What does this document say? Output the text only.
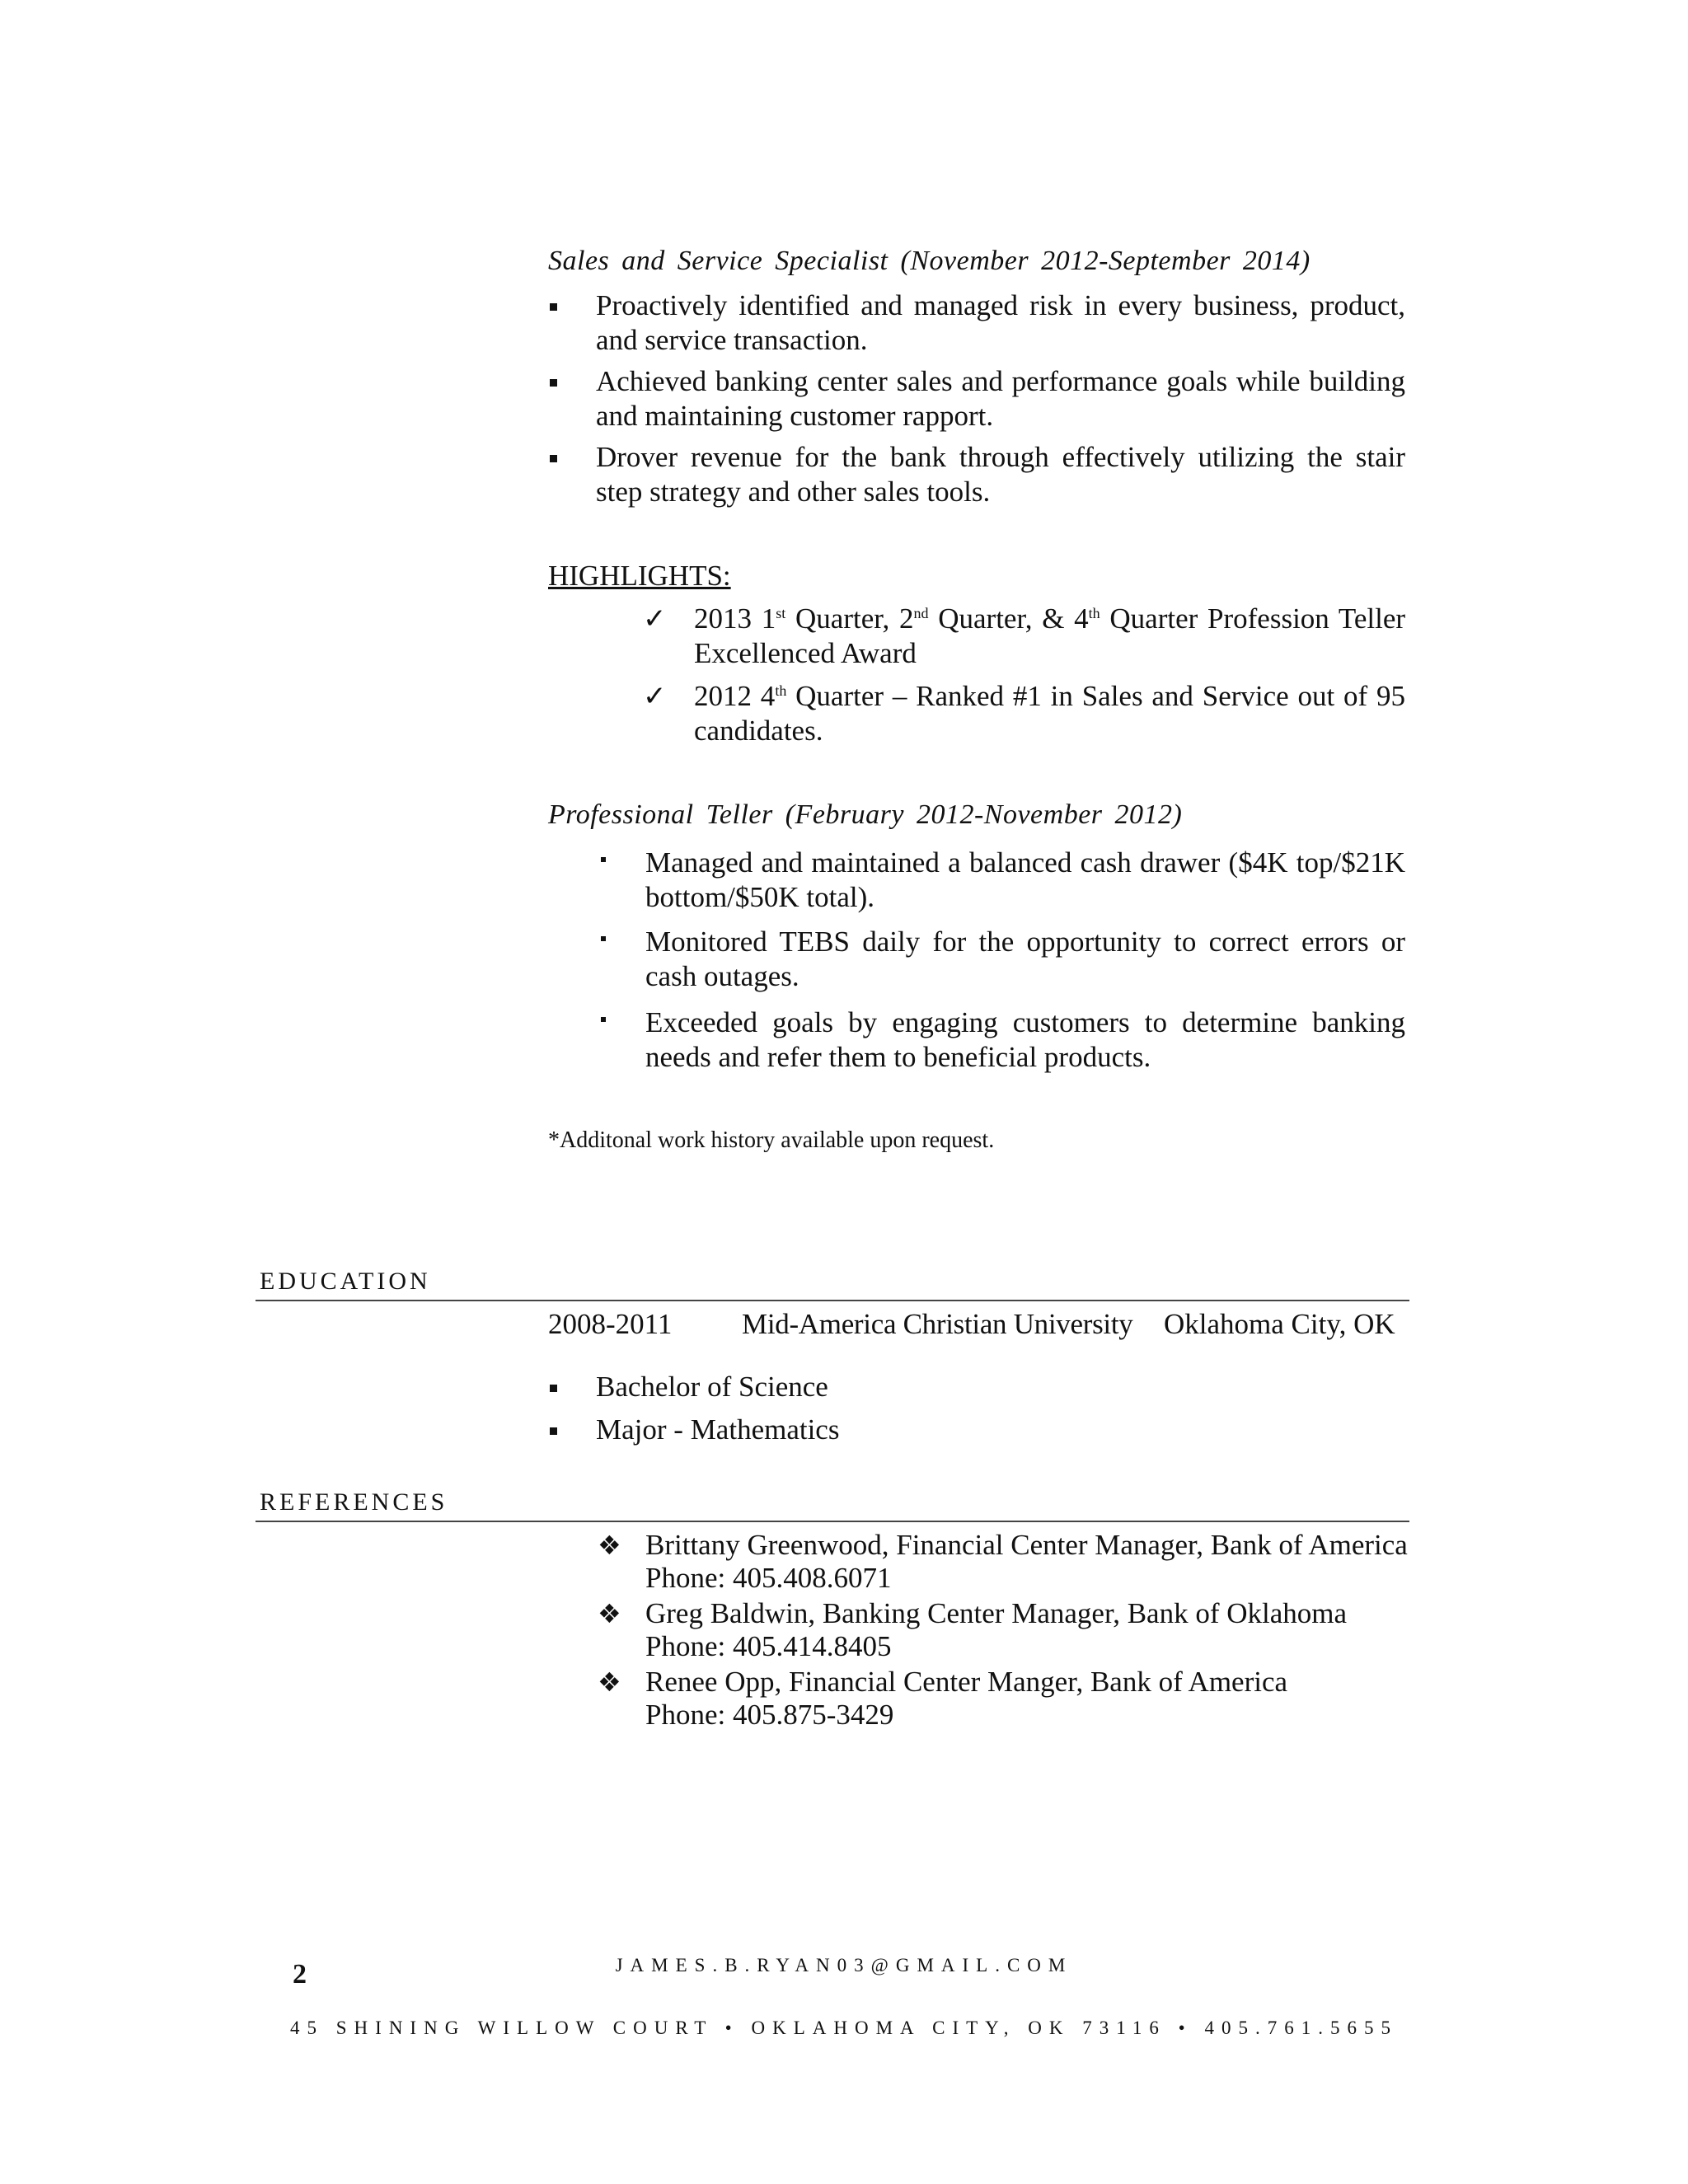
Sales and Service Specialist (November 2012-September 2014)
Proactively identified and managed risk in every business, product, and service transaction.
Achieved banking center sales and performance goals while building and maintaining customer rapport.
Drover revenue for the bank through effectively utilizing the stair step strategy and other sales tools.
HIGHLIGHTS:
✓ 2013 1st Quarter, 2nd Quarter, & 4th Quarter Profession Teller Excellenced Award
✓ 2012 4th Quarter – Ranked #1 in Sales and Service out of 95 candidates.
Professional Teller (February 2012-November 2012)
Managed and maintained a balanced cash drawer ($4K top/$21K bottom/$50K total).
Monitored TEBS daily for the opportunity to correct errors or cash outages.
Exceeded goals by engaging customers to determine banking needs and refer them to beneficial products.
*Additonal work history available upon request.
EDUCATION
2008-2011 Mid-America Christian University Oklahoma City, OK
Bachelor of Science
Major - Mathematics
REFERENCES
❖ Brittany Greenwood, Financial Center Manager, Bank of America
Phone: 405.408.6071
❖ Greg Baldwin, Banking Center Manager, Bank of Oklahoma
Phone: 405.414.8405
❖ Renee Opp, Financial Center Manger, Bank of America
Phone: 405.875-3429
2	JAMES.B.RYAN03@GMAIL.COM
45 SHINING WILLOW COURT • OKLAHOMA CITY, OK 73116 • 405.761.5655
